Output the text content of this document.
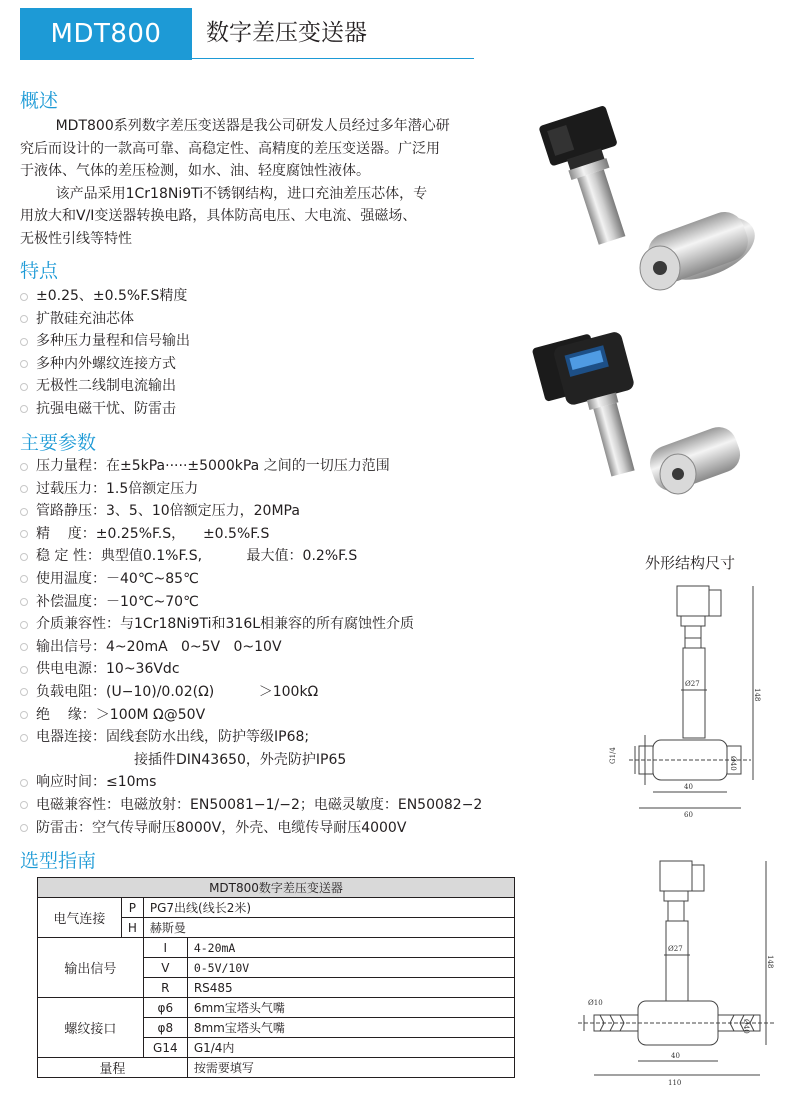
MDT800	数字差压变送器
概述
MDT800系列数字差压变送器是我公司研发人员经过多年潜心研
究后而设计的一款高可靠、高稳定性、高精度的差压变送器。广泛用
于液体、气体的差压检测，如水、油、轻度腐蚀性液体。
该产品采用1Cr18Ni9Ti不锈钢结构，进口充油差压芯体，专
用放大和V/I变送器转换电路，具体防高电压、大电流、强磁场、
无极性引线等特性
特点
±0.25、±0.5%F.S精度
扩散硅充油芯体
多种压力量程和信号输出
多种内外螺纹连接方式
无极性二线制电流输出
抗强电磁干忧、防雷击
主要参数
压力量程：在±5kPa·····±5000kPa 之间的一切压力范围
过载压力：1.5倍额定压力
管路静压：3、5、10倍额定压力，20MPa
精    度：±0.25%F.S，    ±0.5%F.S
稳 定 性：典型值0.1%F.S,          最大值：0.2%F.S
使用温度：－40℃~85℃
补偿温度：－10℃~70℃
介质兼容性：与1Cr18Ni9Ti和316L相兼容的所有腐蚀性介质
输出信号：4~20mA   0~5V   0~10V
供电电源：10~36Vdc
负载电阻：(U−10)/0.02(Ω)          ＞100kΩ
绝    缘：＞100M Ω@50V
电器连接：固线套防水出线，防护等级IP68;
接插件DIN43650，外壳防护IP65
响应时间：≤10ms
电磁兼容性：电磁放射：EN50081−1/−2；电磁灵敏度：EN50082−2
防雷击：空气传导耐压8000V，外壳、电缆传导耐压4000V
外形结构尺寸
Ø27
148
G1/4	Ø40
40
60
Ø27
148
Ø10
Ø40
40
110
选型指南
MDT800数字差压变送器			
电气连接	P	PG7出线(线长2米)	
	H	赫斯曼	
输出信号		I	4-20mA
		V	0-5V/10V
		R	RS485
螺纹接口		φ6	6mm宝塔头气嘴
		φ8	8mm宝塔头气嘴
		G14	G1/4内
量程			按需要填写
